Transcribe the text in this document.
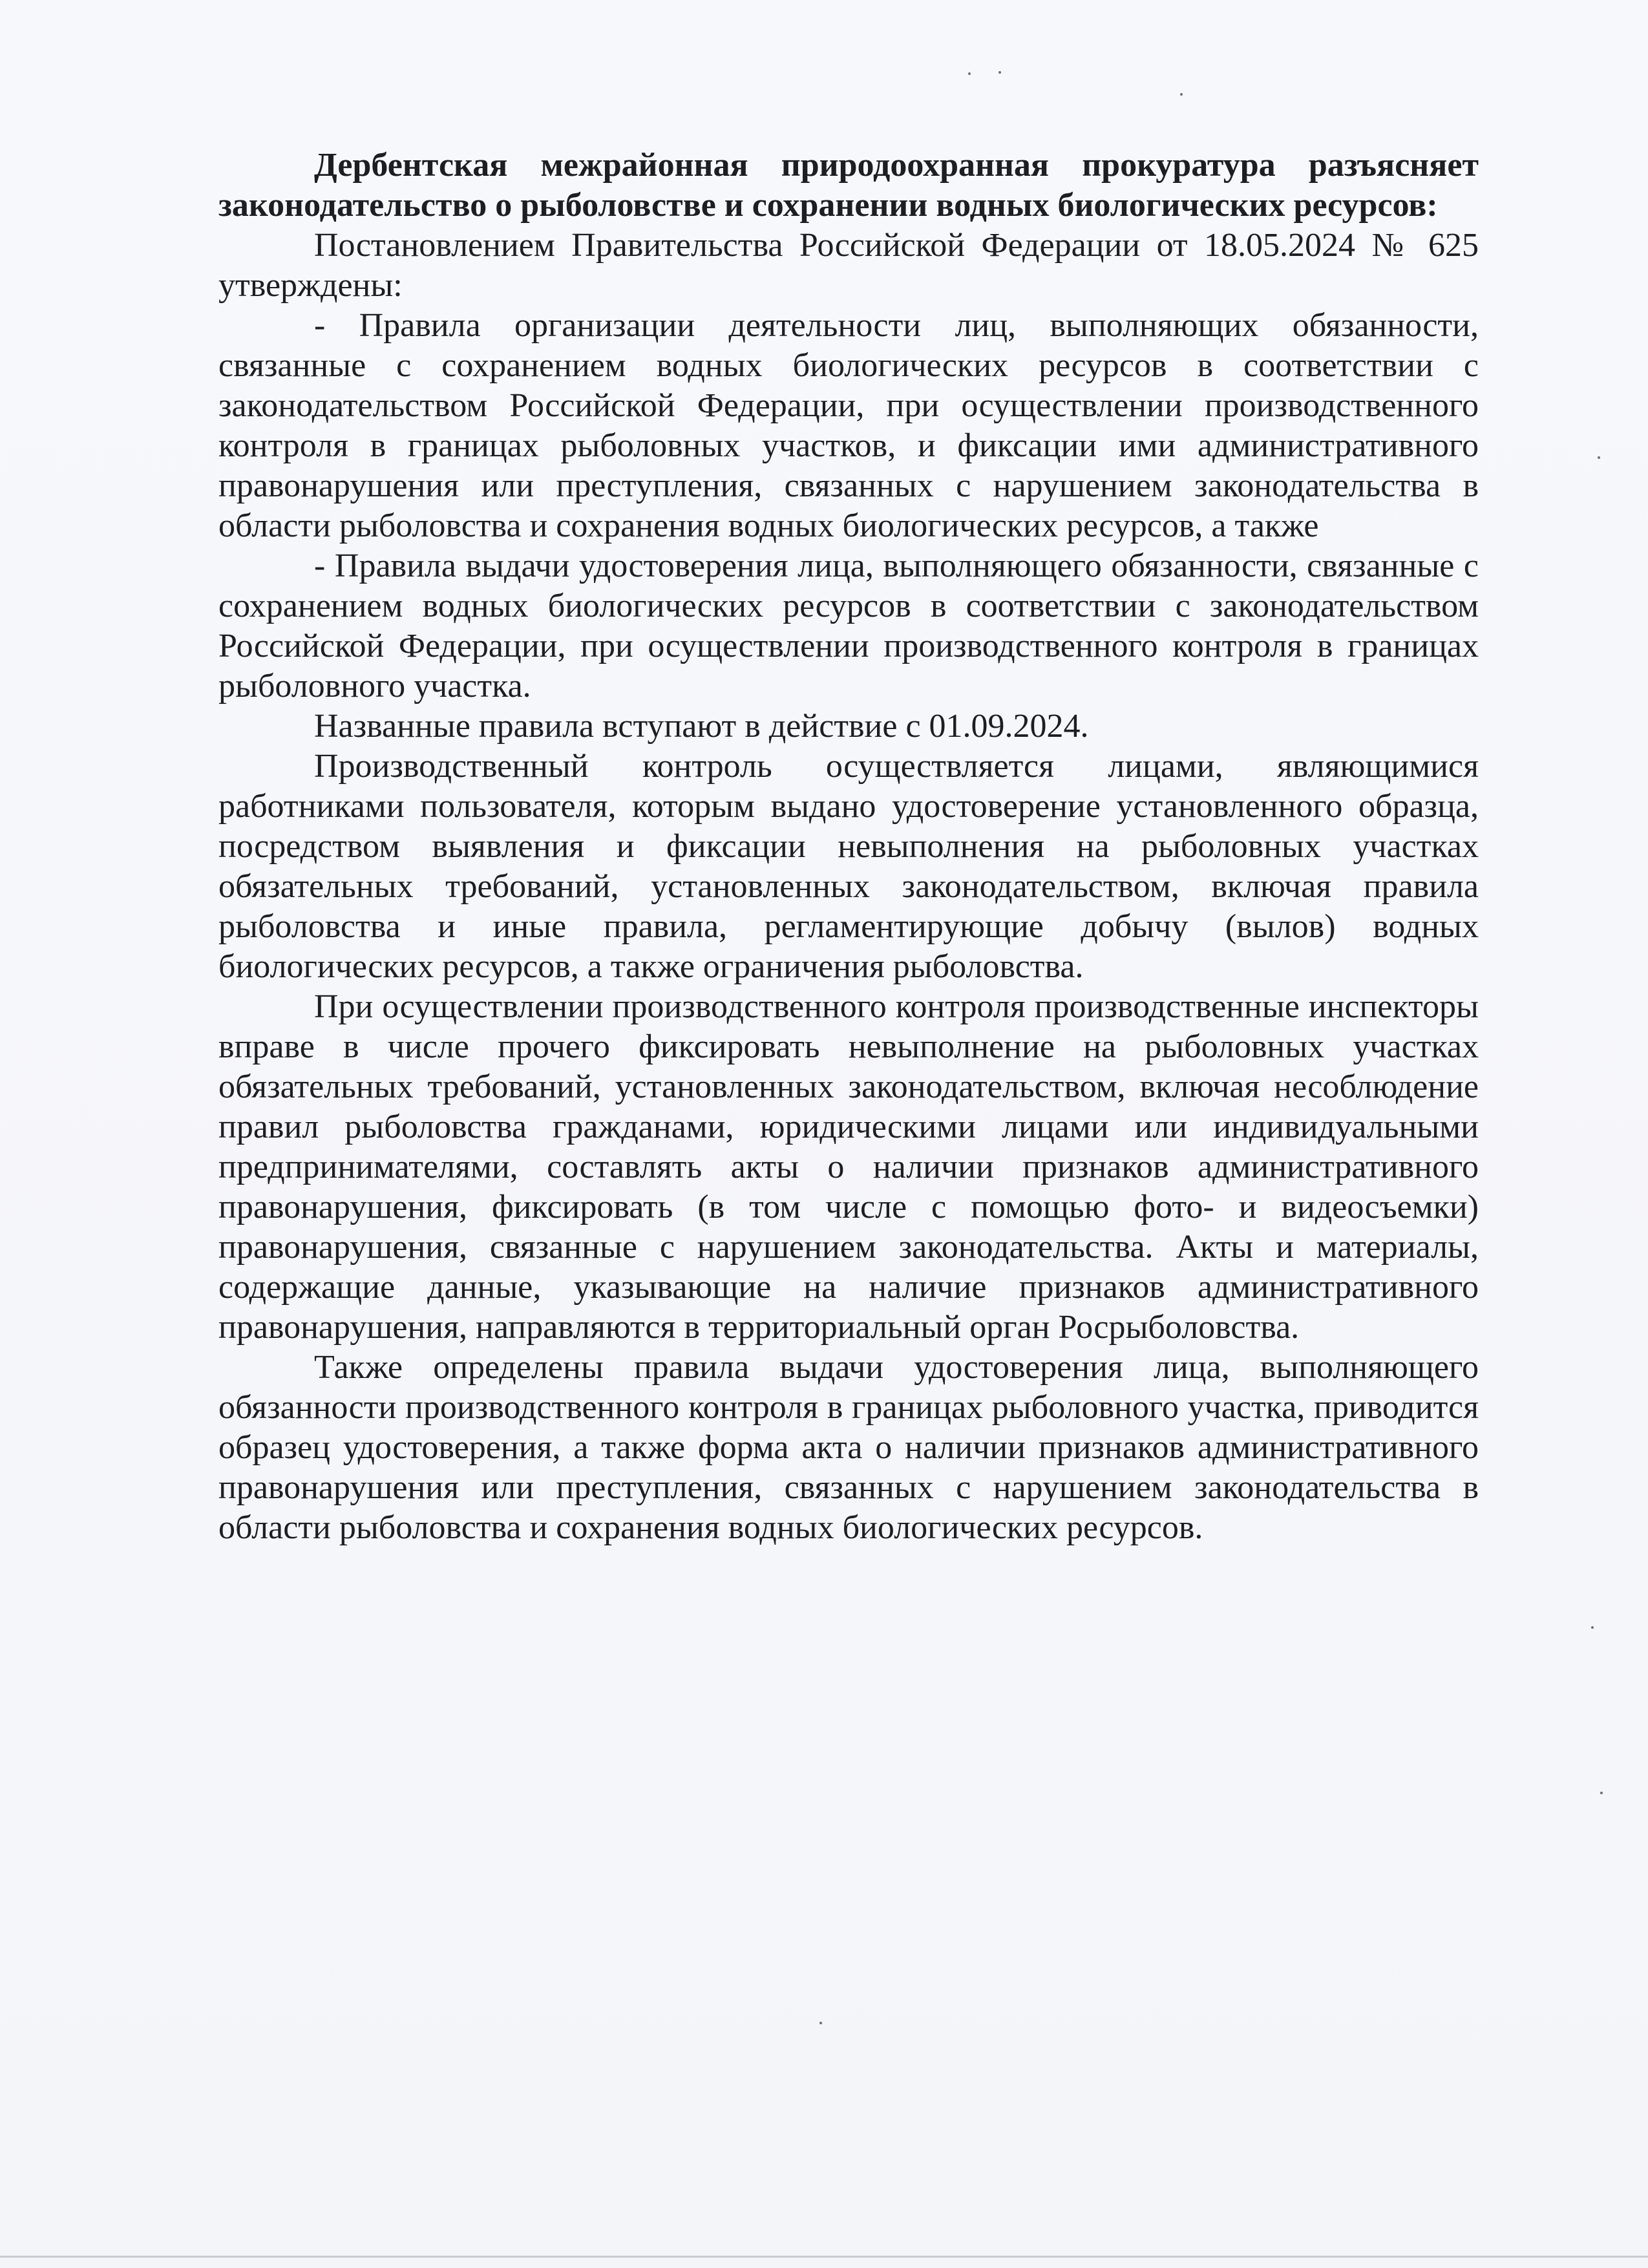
Дербентская межрайонная природоохранная прокуратура разъясняет законодательство о рыболовстве и сохранении водных биологических ресурсов:

Постановлением Правительства Российской Федерации от 18.05.2024 № 625 утверждены:

- Правила организации деятельности лиц, выполняющих обязанности, связанные с сохранением водных биологических ресурсов в соответствии с законодательством Российской Федерации, при осуществлении производственного контроля в границах рыболовных участков, и фиксации ими административного правонарушения или преступления, связанных с нарушением законодательства в области рыболовства и сохранения водных биологических ресурсов, а также

- Правила выдачи удостоверения лица, выполняющего обязанности, связанные с сохранением водных биологических ресурсов в соответствии с законодательством Российской Федерации, при осуществлении производственного контроля в границах рыболовного участка.

Названные правила вступают в действие с 01.09.2024.

Производственный контроль осуществляется лицами, являющимися работниками пользователя, которым выдано удостоверение установленного образца, посредством выявления и фиксации невыполнения на рыболовных участках обязательных требований, установленных законодательством, включая правила рыболовства и иные правила, регламентирующие добычу (вылов) водных биологических ресурсов, а также ограничения рыболовства.

При осуществлении производственного контроля производственные инспекторы вправе в числе прочего фиксировать невыполнение на рыболовных участках обязательных требований, установленных законодательством, включая несоблюдение правил рыболовства гражданами, юридическими лицами или индивидуальными предпринимателями, составлять акты о наличии признаков административного правонарушения, фиксировать (в том числе с помощью фото- и видеосъемки) правонарушения, связанные с нарушением законодательства. Акты и материалы, содержащие данные, указывающие на наличие признаков административного правонарушения, направляются в территориальный орган Росрыболовства.

Также определены правила выдачи удостоверения лица, выполняющего обязанности производственного контроля в границах рыболовного участка, приводится образец удостоверения, а также форма акта о наличии признаков административного правонарушения или преступления, связанных с нарушением законодательства в области рыболовства и сохранения водных биологических ресурсов.
